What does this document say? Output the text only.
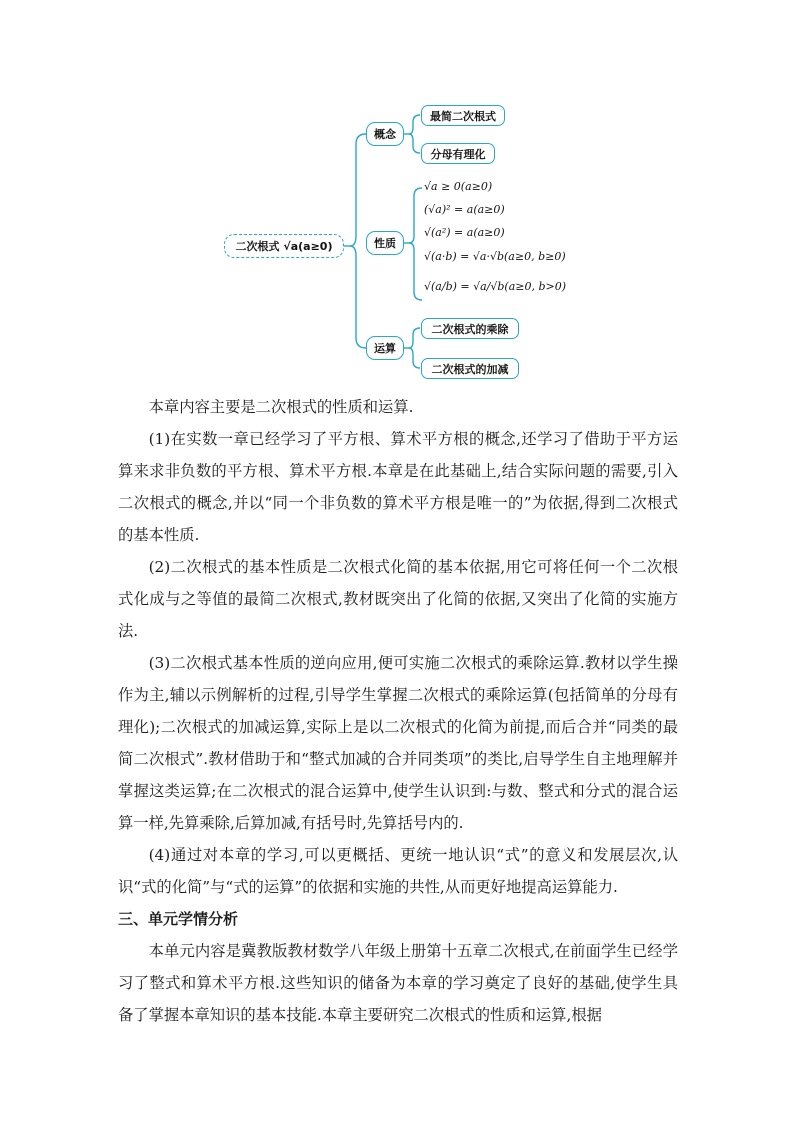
二次根式 √a(a≥0)
概念
性质
运算
最简二次根式
分母有理化
二次根式的乘除
二次根式的加减
√a ≥ 0(a≥0)
(√a)² = a(a≥0)
√(a²) = a(a≥0)
√(a·b) = √a·√b(a≥0, b≥0)
√(a/b) = √a/√b(a≥0, b>0)

本章内容主要是二次根式的性质和运算.

(1)在实数一章已经学习了平方根、算术平方根的概念,还学习了借助于平方运算来求非负数的平方根、算术平方根.本章是在此基础上,结合实际问题的需要,引入二次根式的概念,并以“同一个非负数的算术平方根是唯一的”为依据,得到二次根式的基本性质.

(2)二次根式的基本性质是二次根式化简的基本依据,用它可将任何一个二次根式化成与之等值的最简二次根式,教材既突出了化简的依据,又突出了化简的实施方法.

(3)二次根式基本性质的逆向应用,便可实施二次根式的乘除运算.教材以学生操作为主,辅以示例解析的过程,引导学生掌握二次根式的乘除运算(包括简单的分母有理化);二次根式的加减运算,实际上是以二次根式的化简为前提,而后合并“同类的最简二次根式”.教材借助于和“整式加减的合并同类项”的类比,启导学生自主地理解并掌握这类运算;在二次根式的混合运算中,使学生认识到:与数、整式和分式的混合运算一样,先算乘除,后算加减,有括号时,先算括号内的.

(4)通过对本章的学习,可以更概括、更统一地认识“式”的意义和发展层次,认识“式的化简”与“式的运算”的依据和实施的共性,从而更好地提高运算能力.

三、单元学情分析

本单元内容是冀教版教材数学八年级上册第十五章二次根式,在前面学生已经学习了整式和算术平方根.这些知识的储备为本章的学习奠定了良好的基础,使学生具备了掌握本章知识的基本技能.本章主要研究二次根式的性质和运算,根据
